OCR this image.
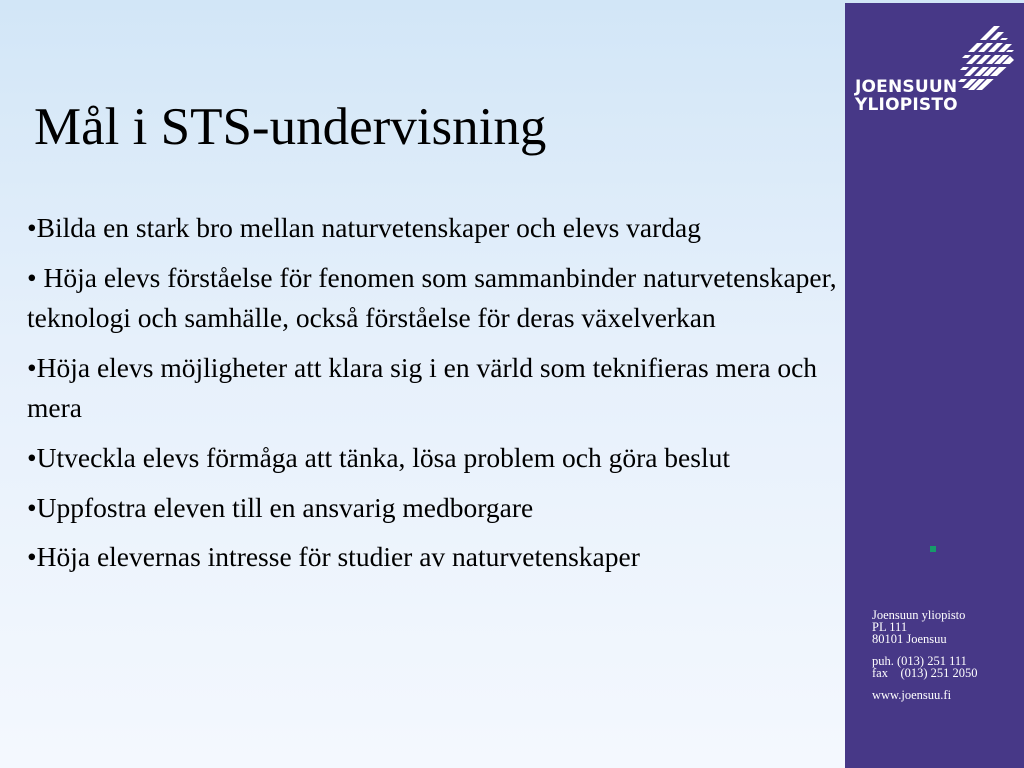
JOENSUUN
YLIOPISTO
Joensuun yliopisto
PL 111
80101 Joensuu
puh. (013) 251 111
fax    (013) 251 2050
www.joensuu.fi
Mål i STS-undervisning
•Bilda en stark bro mellan naturvetenskaper och elevs vardag
• Höja elevs förståelse för fenomen som sammanbinder naturvetenskaper, teknologi och samhälle, också förståelse för deras växelverkan
•Höja elevs möjligheter att klara sig i en värld som teknifieras mera och mera
•Utveckla elevs förmåga att tänka, lösa problem och göra beslut
•Uppfostra eleven till en ansvarig medborgare
•Höja elevernas intresse för studier av naturvetenskaper
